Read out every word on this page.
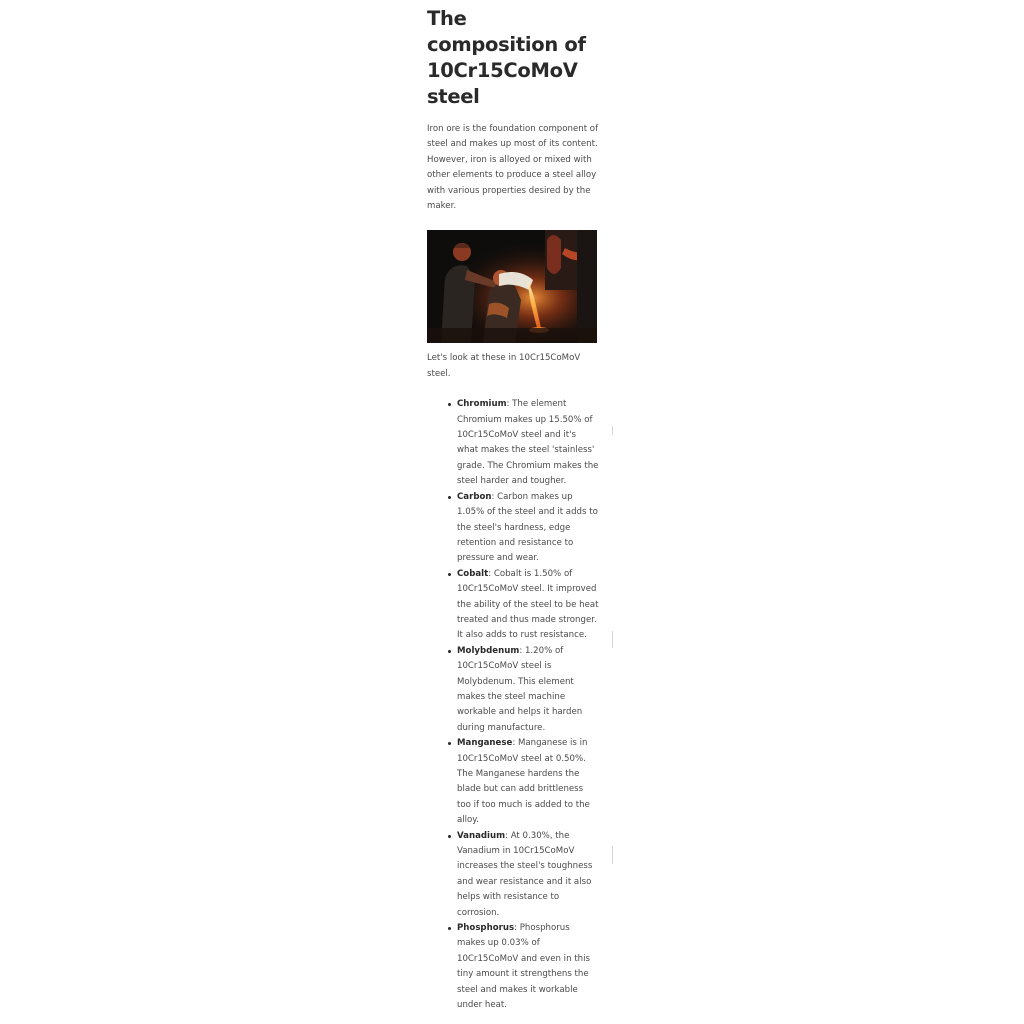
The composition of 10Cr15CoMoV steel

Iron ore is the foundation component of steel and makes up most of its content. However, iron is alloyed or mixed with other elements to produce a steel alloy with various properties desired by the maker.

Let's look at these in 10Cr15CoMoV steel.

Chromium: The element Chromium makes up 15.50% of 10Cr15CoMoV steel and it's what makes the steel 'stainless' grade. The Chromium makes the steel harder and tougher.
Carbon: Carbon makes up 1.05% of the steel and it adds to the steel's hardness, edge retention and resistance to pressure and wear.
Cobalt: Cobalt is 1.50% of 10Cr15CoMoV steel. It improved the ability of the steel to be heat treated and thus made stronger. It also adds to rust resistance.
Molybdenum: 1.20% of 10Cr15CoMoV steel is Molybdenum. This element makes the steel machine workable and helps it harden during manufacture.
Manganese: Manganese is in 10Cr15CoMoV steel at 0.50%. The Manganese hardens the blade but can add brittleness too if too much is added to the alloy.
Vanadium: At 0.30%, the Vanadium in 10Cr15CoMoV increases the steel's toughness and wear resistance and it also helps with resistance to corrosion.
Phosphorus: Phosphorus makes up 0.03% of 10Cr15CoMoV and even in this tiny amount it strengthens the steel and makes it workable under heat.
